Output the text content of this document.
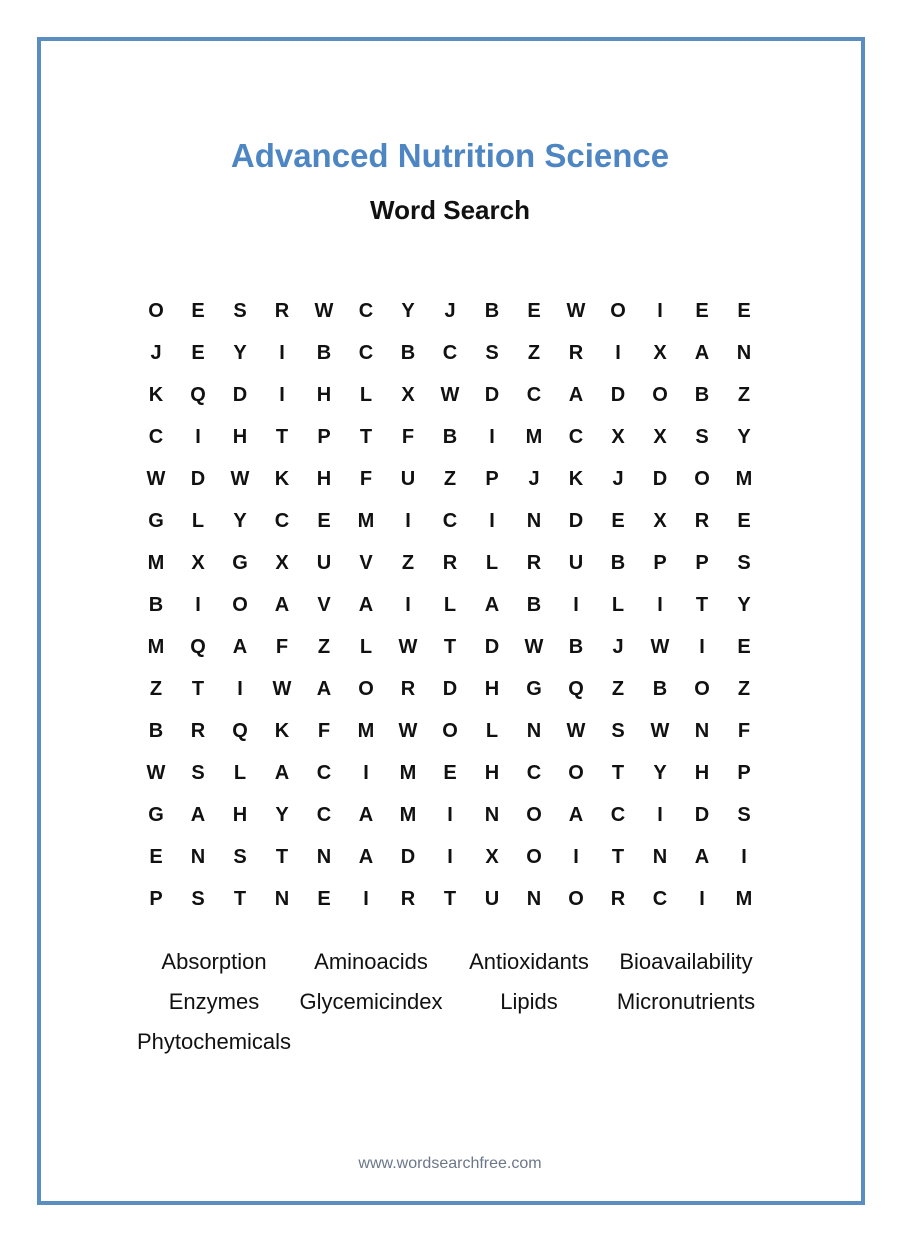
Advanced Nutrition Science
Word Search
O	E	S	R	W	C	Y	J	B	E	W	O	I	E	E
J	E	Y	I	B	C	B	C	S	Z	R	I	X	A	N
K	Q	D	I	H	L	X	W	D	C	A	D	O	B	Z
C	I	H	T	P	T	F	B	I	M	C	X	X	S	Y
W	D	W	K	H	F	U	Z	P	J	K	J	D	O	M
G	L	Y	C	E	M	I	C	I	N	D	E	X	R	E
M	X	G	X	U	V	Z	R	L	R	U	B	P	P	S
B	I	O	A	V	A	I	L	A	B	I	L	I	T	Y
M	Q	A	F	Z	L	W	T	D	W	B	J	W	I	E
Z	T	I	W	A	O	R	D	H	G	Q	Z	B	O	Z
B	R	Q	K	F	M	W	O	L	N	W	S	W	N	F
W	S	L	A	C	I	M	E	H	C	O	T	Y	H	P
G	A	H	Y	C	A	M	I	N	O	A	C	I	D	S
E	N	S	T	N	A	D	I	X	O	I	T	N	A	I
P	S	T	N	E	I	R	T	U	N	O	R	C	I	M
Absorption Aminoacids Antioxidants Bioavailability
Enzymes Glycemicindex	Lipids	Micronutrients
Phytochemicals
www.wordsearchfree.com
